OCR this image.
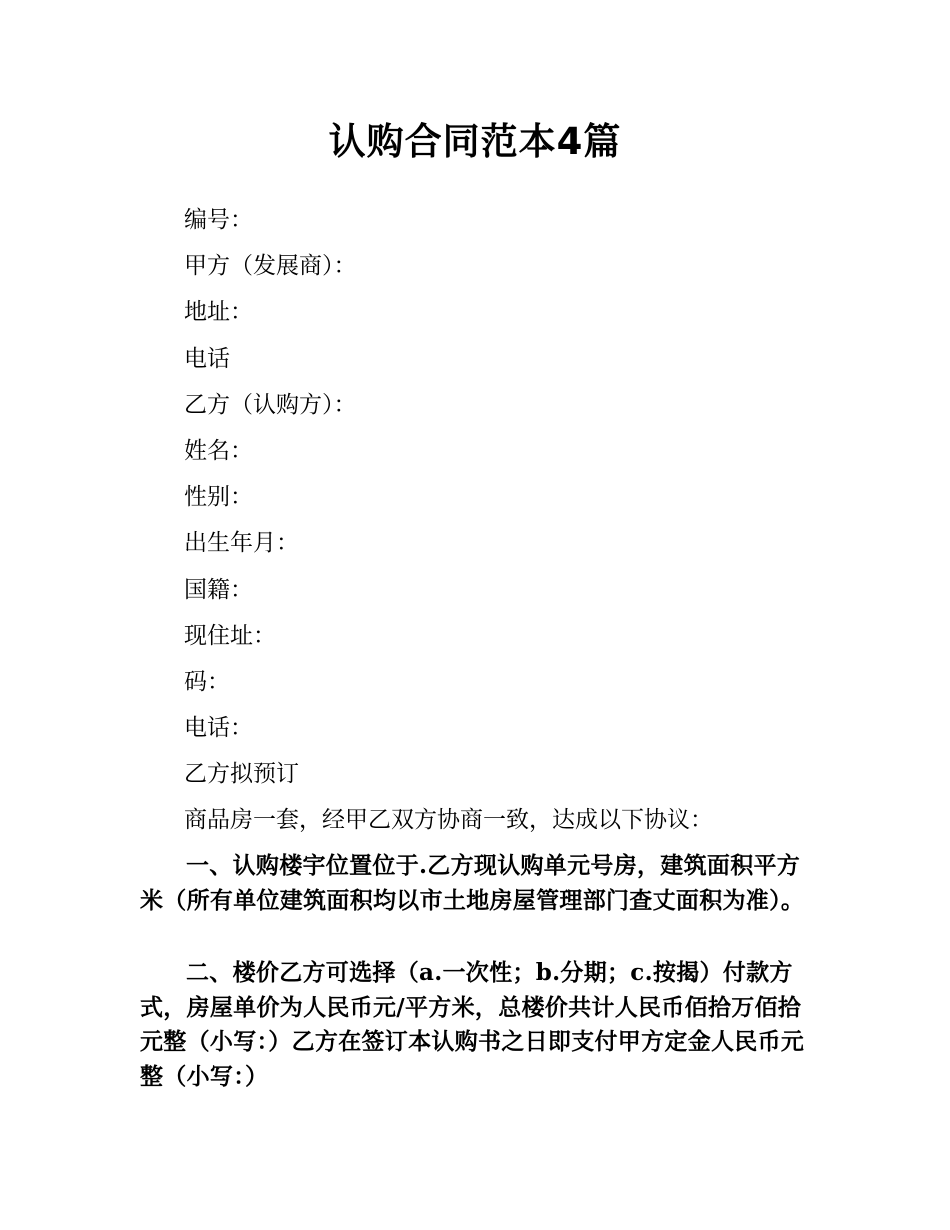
认购合同范本4篇
编号：
甲方（发展商）：
地址：
电话
乙方（认购方）：
姓名：
性别：
出生年月：
国籍：
现住址：
码：
电话：
乙方拟预订
商品房一套，经甲乙双方协商一致，达成以下协议：

一、认购楼宇位置位于.乙方现认购单元号房，建筑面积平方米（所有单位建筑面积均以市土地房屋管理部门查丈面积为准）。

二、楼价乙方可选择（a.一次性；b.分期；c.按揭）付款方式，房屋单价为人民币元/平方米，总楼价共计人民币佰拾万佰拾元整（小写：）乙方在签订本认购书之日即支付甲方定金人民币元整（小写：）
